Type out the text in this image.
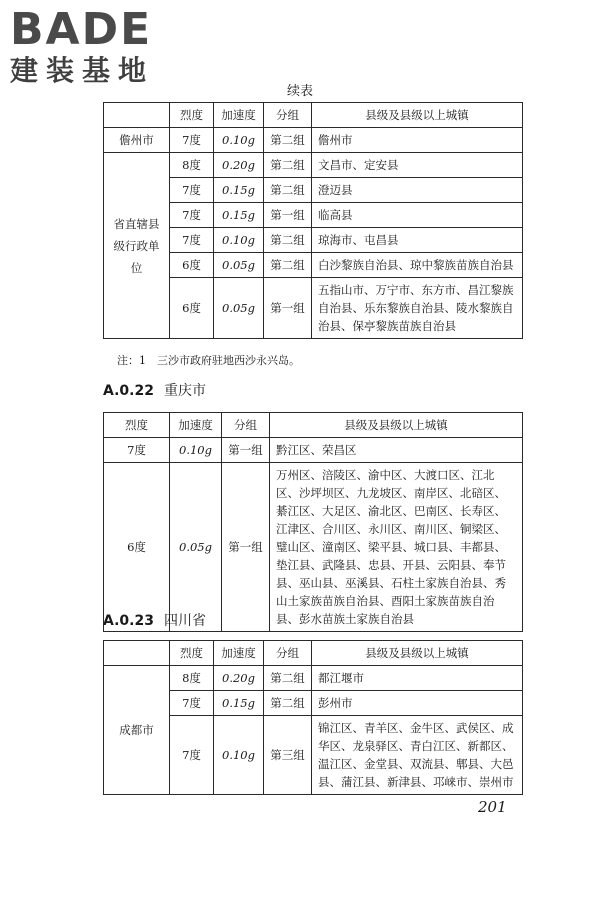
BADE
建装基地
续表
	烈度	加速度	分组	县级及县级以上城镇
儋州市	7度	0.10g	第二组	儋州市
省直辖县级行政单位	8度	0.20g	第二组	文昌市、定安县
	7度	0.15g	第二组	澄迈县
	7度	0.15g	第一组	临高县
	7度	0.10g	第二组	琼海市、屯昌县
	6度	0.05g	第二组	白沙黎族自治县、琼中黎族苗族自治县
	6度	0.05g	第一组	五指山市、万宁市、东方市、昌江黎族自治县、乐东黎族自治县、陵水黎族自治县、保亭黎族苗族自治县
注：1　三沙市政府驻地西沙永兴岛。
A.0.22 重庆市
烈度	加速度	分组	县级及县级以上城镇
7度	0.10g	第一组	黔江区、荣昌区
6度	0.05g	第一组	万州区、涪陵区、渝中区、大渡口区、江北区、沙坪坝区、九龙坡区、南岸区、北碚区、綦江区、大足区、渝北区、巴南区、长寿区、江津区、合川区、永川区、南川区、铜梁区、璧山区、潼南区、梁平县、城口县、丰都县、垫江县、武隆县、忠县、开县、云阳县、奉节县、巫山县、巫溪县、石柱土家族自治县、秀山土家族苗族自治县、酉阳土家族苗族自治县、彭水苗族土家族自治县
A.0.23 四川省
	烈度	加速度	分组	县级及县级以上城镇
成都市	8度	0.20g	第二组	都江堰市
	7度	0.15g	第二组	彭州市
	7度	0.10g	第三组	锦江区、青羊区、金牛区、武侯区、成华区、龙泉驿区、青白江区、新都区、温江区、金堂县、双流县、郫县、大邑县、蒲江县、新津县、邛崃市、崇州市
201
